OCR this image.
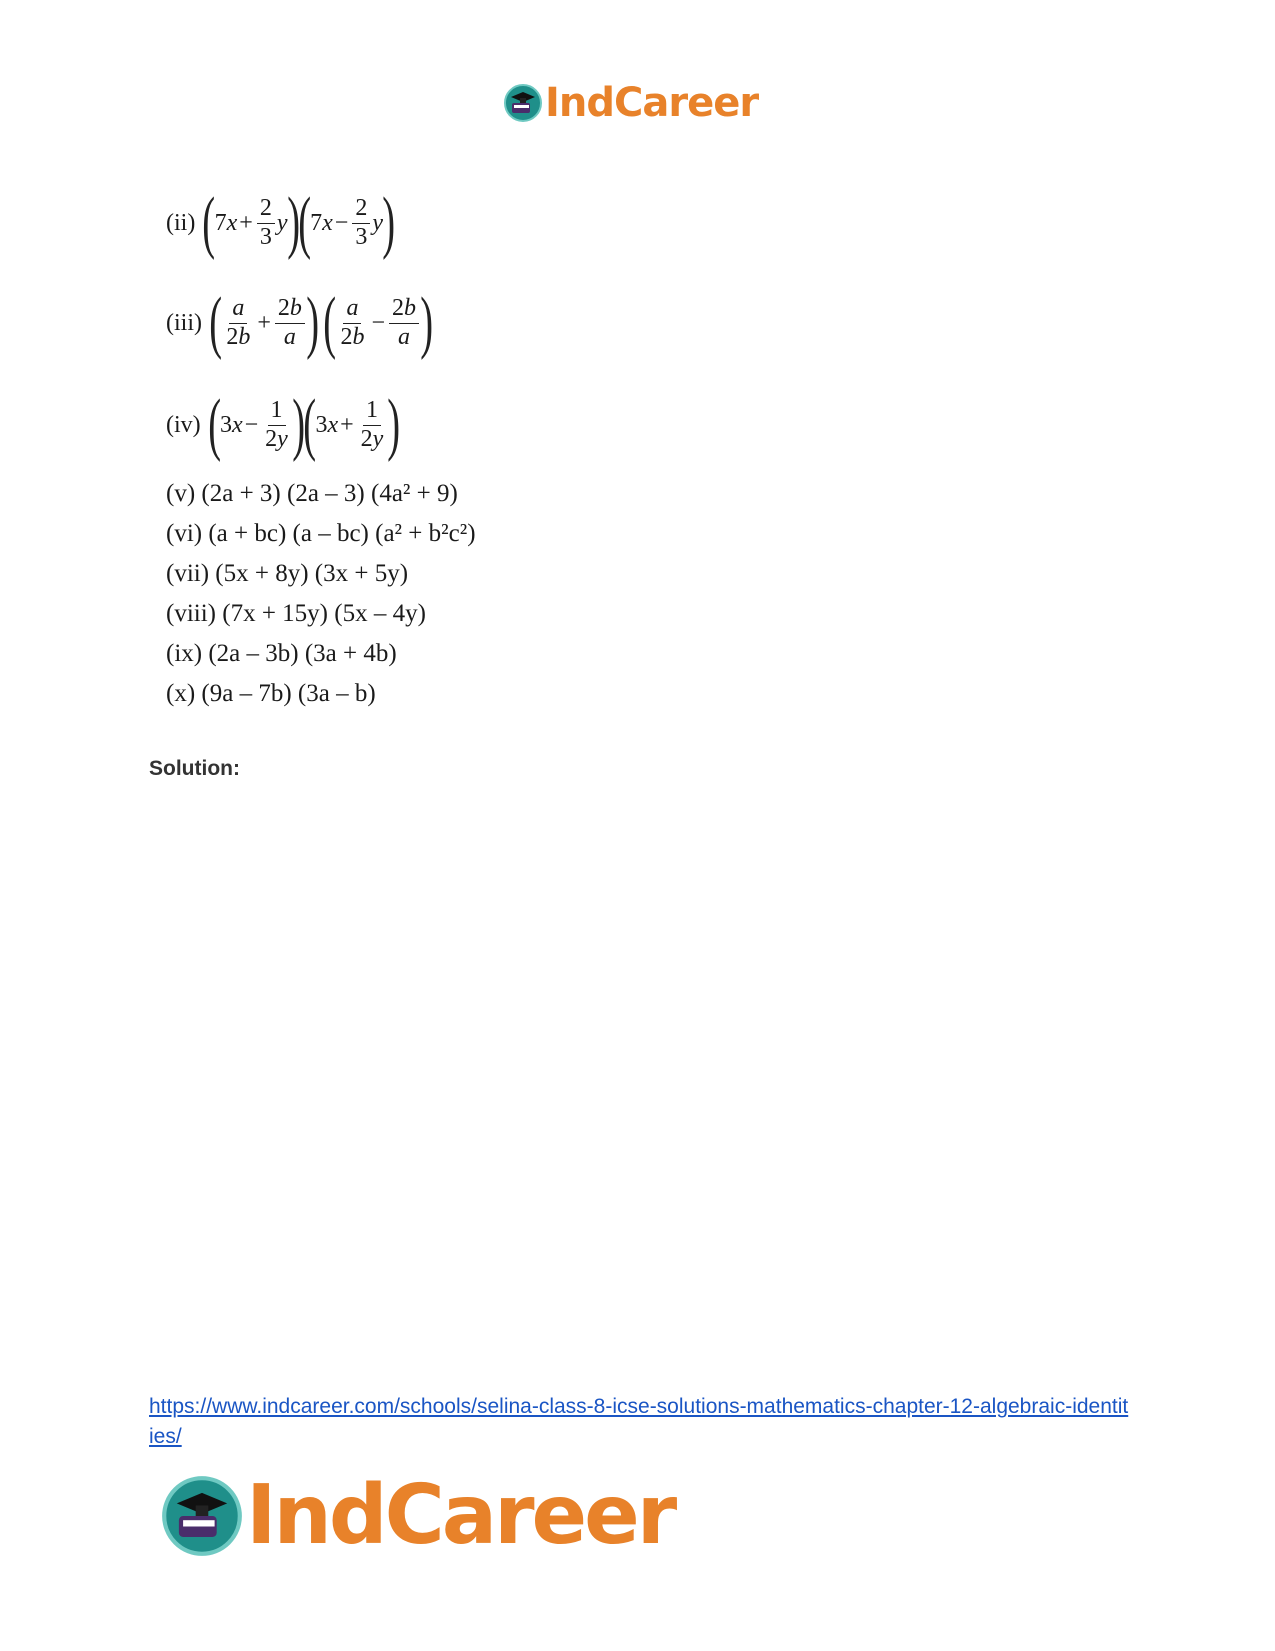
IndCareer
(ii) ( $7x + \frac{2}{3}$ y )
( $7x - \frac{2}{3}$ y )
(iii) ( $\frac{a}{2b} + \frac{2b}{a}$ )
( $\frac{a}{2b} - \frac{2b}{a}$ )
(iv) ( $3x - \frac{1}{2y}$ )
( $3x + \frac{1}{2y}$ )
(v) (2a + 3) (2a – 3) (4a² + 9)
(vi) (a + bc) (a – bc) (a² + b²c²)
(vii) (5x + 8y) (3x + 5y)
(viii) (7x + 15y) (5x – 4y)
(ix) (2a – 3b) (3a + 4b)
(x) (9a – 7b) (3a – b)
Solution:
https://www.indcareer.com/schools/selina-class-8-icse-solutions-mathematics-chapter-12-algebraic-identities/
IndCareer
